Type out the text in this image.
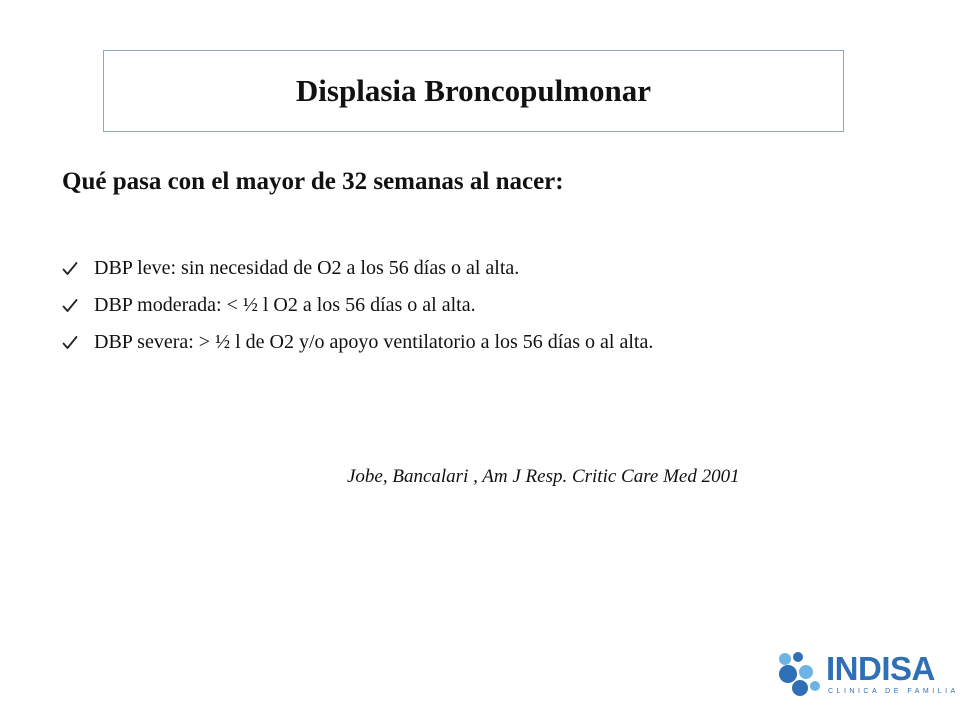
Displasia Broncopulmonar

Qué pasa con el mayor de 32 semanas al nacer:

DBP leve: sin necesidad de O2 a los 56 días o al alta.
DBP moderada: < ½ l O2 a los 56 días o al alta.
DBP severa: > ½ l de O2 y/o apoyo ventilatorio a los 56 días o al alta.

Jobe, Bancalari , Am J Resp. Critic Care Med 2001

INDISA
CLINICA DE FAMILIA
